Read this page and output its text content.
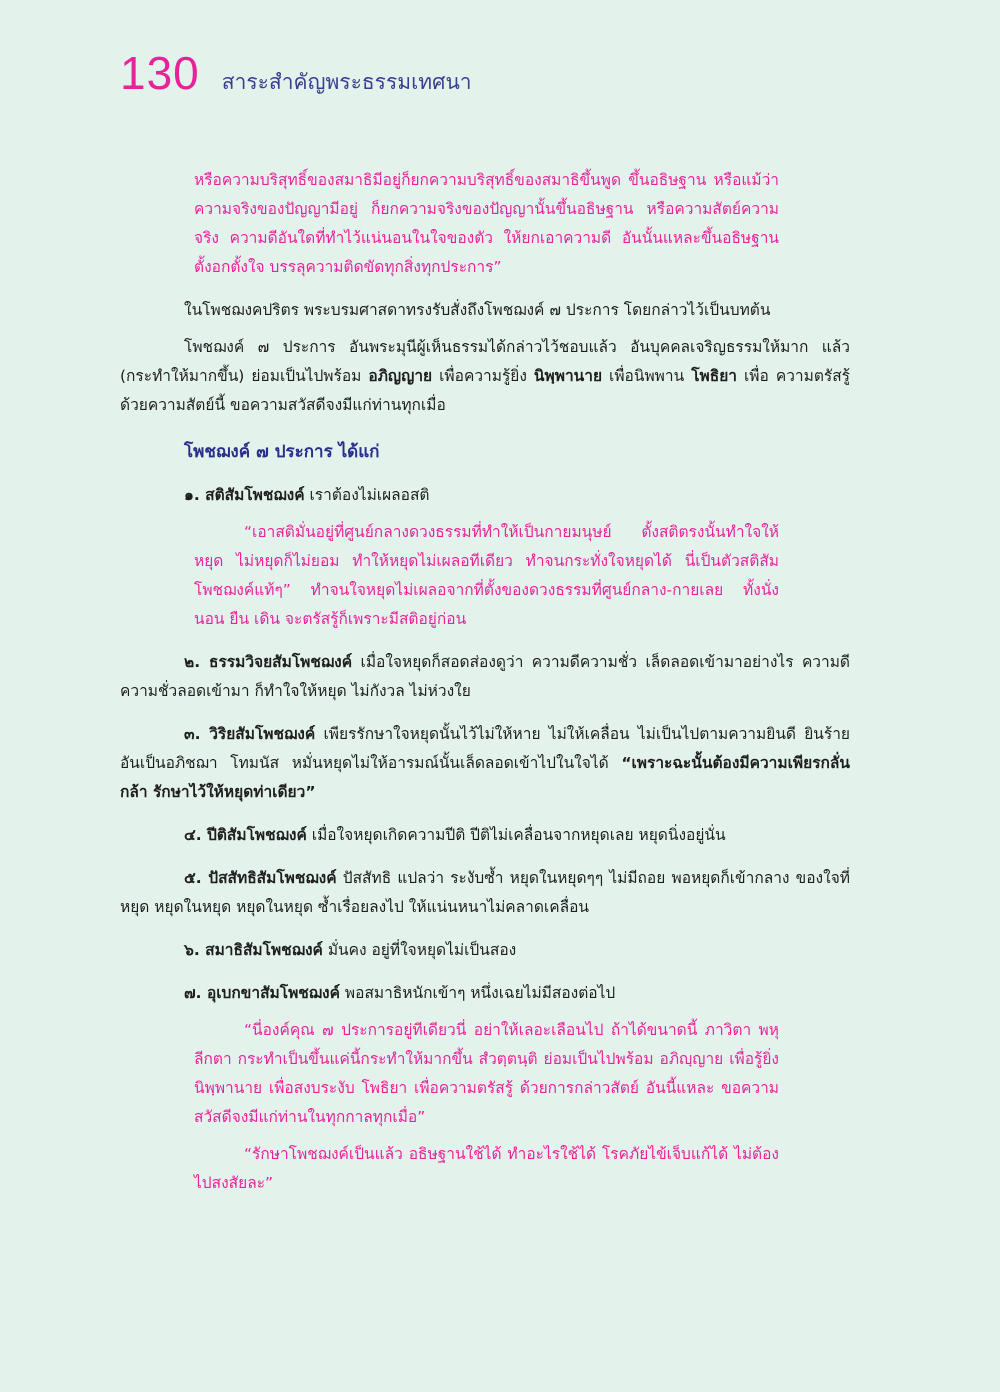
130 สาระสำคัญพระธรรมเทศนา

หรือความบริสุทธิ์ของสมาธิมีอยู่ก็ยกความบริสุทธิ์ของสมาธิขึ้นพูด ขึ้นอธิษฐาน หรือแม้ว่าความจริงของปัญญามีอยู่ ก็ยกความจริงของปัญญานั้นขึ้นอธิษฐาน หรือความสัตย์ความจริง ความดีอันใดที่ทำไว้แน่นอนในใจของตัว ให้ยกเอาความดี อันนั้นแหละขึ้นอธิษฐานตั้งอกตั้งใจ บรรลุความติดขัดทุกสิ่งทุกประการ”

ในโพชฌงคปริตร พระบรมศาสดาทรงรับสั่งถึงโพชฌงค์ ๗ ประการ โดยกล่าวไว้เป็นบทต้น

โพชฌงค์ ๗ ประการ อันพระมุนีผู้เห็นธรรมได้กล่าวไว้ชอบแล้ว อันบุคคลเจริญธรรมให้มาก แล้ว (กระทำให้มากขึ้น) ย่อมเป็นไปพร้อม อภิญญาย เพื่อความรู้ยิ่ง นิพฺพานาย เพื่อนิพพาน โพธิยา เพื่อ ความตรัสรู้ ด้วยความสัตย์นี้ ขอความสวัสดีจงมีแก่ท่านทุกเมื่อ

โพชฌงค์ ๗ ประการ ได้แก่

๑. สติสัมโพชฌงค์ เราต้องไม่เผลอสติ

“เอาสติมั่นอยู่ที่ศูนย์กลางดวงธรรมที่ทำให้เป็นกายมนุษย์ ตั้งสติตรงนั้นทำใจให้หยุด ไม่หยุดก็ไม่ยอม ทำให้หยุดไม่เผลอทีเดียว ทำจนกระทั่งใจหยุดได้ นี่เป็นตัวสติสัมโพชฌงค์แท้ๆ” ทำจนใจหยุดไม่เผลอจากที่ตั้งของดวงธรรมที่ศูนย์กลาง-กายเลย ทั้งนั่ง นอน ยืน เดิน จะตรัสรู้ก็เพราะมีสติอยู่ก่อน

๒. ธรรมวิจยสัมโพชฌงค์ เมื่อใจหยุดก็สอดส่องดูว่า ความดีความชั่ว เล็ดลอดเข้ามาอย่างไร ความดีความชั่วลอดเข้ามา ก็ทำใจให้หยุด ไม่กังวล ไม่ห่วงใย

๓. วิริยสัมโพชฌงค์ เพียรรักษาใจหยุดนั้นไว้ไม่ให้หาย ไม่ให้เคลื่อน ไม่เป็นไปตามความยินดี ยินร้าย อันเป็นอภิชฌา โทมนัส หมั่นหยุดไม่ให้อารมณ์นั้นเล็ดลอดเข้าไปในใจได้ “เพราะฉะนั้นต้องมีความเพียรกลั่นกล้า รักษาไว้ให้หยุดท่าเดียว”

๔. ปีติสัมโพชฌงค์ เมื่อใจหยุดเกิดความปีติ ปีติไม่เคลื่อนจากหยุดเลย หยุดนิ่งอยู่นั่น

๕. ปัสสัทธิสัมโพชฌงค์ ปัสสัทธิ แปลว่า ระงับซ้ำ หยุดในหยุดๆๆ ไม่มีถอย พอหยุดก็เข้ากลาง ของใจที่หยุด หยุดในหยุด หยุดในหยุด ซ้ำเรื่อยลงไป ให้แน่นหนาไม่คลาดเคลื่อน

๖. สมาธิสัมโพชฌงค์ มั่นคง อยู่ที่ใจหยุดไม่เป็นสอง

๗. อุเบกขาสัมโพชฌงค์ พอสมาธิหนักเข้าๆ หนึ่งเฉยไม่มีสองต่อไป

“นี่องค์คุณ ๗ ประการอยู่ทีเดียวนี่ อย่าให้เลอะเลือนไป ถ้าได้ขนาดนี้ ภาวิตา พหุลีกตา กระทำเป็นขึ้นแค่นี้กระทำให้มากขึ้น สํวตฺตนฺติ ย่อมเป็นไปพร้อม อภิญฺญาย เพื่อรู้ยิ่ง นิพฺพานาย เพื่อสงบระงับ โพธิยา เพื่อความตรัสรู้ ด้วยการกล่าวสัตย์ อันนี้แหละ ขอความสวัสดีจงมีแก่ท่านในทุกกาลทุกเมื่อ”

“รักษาโพชฌงค์เป็นแล้ว อธิษฐานใช้ได้ ทำอะไรใช้ได้ โรคภัยไข้เจ็บแก้ได้ ไม่ต้องไปสงสัยละ”
